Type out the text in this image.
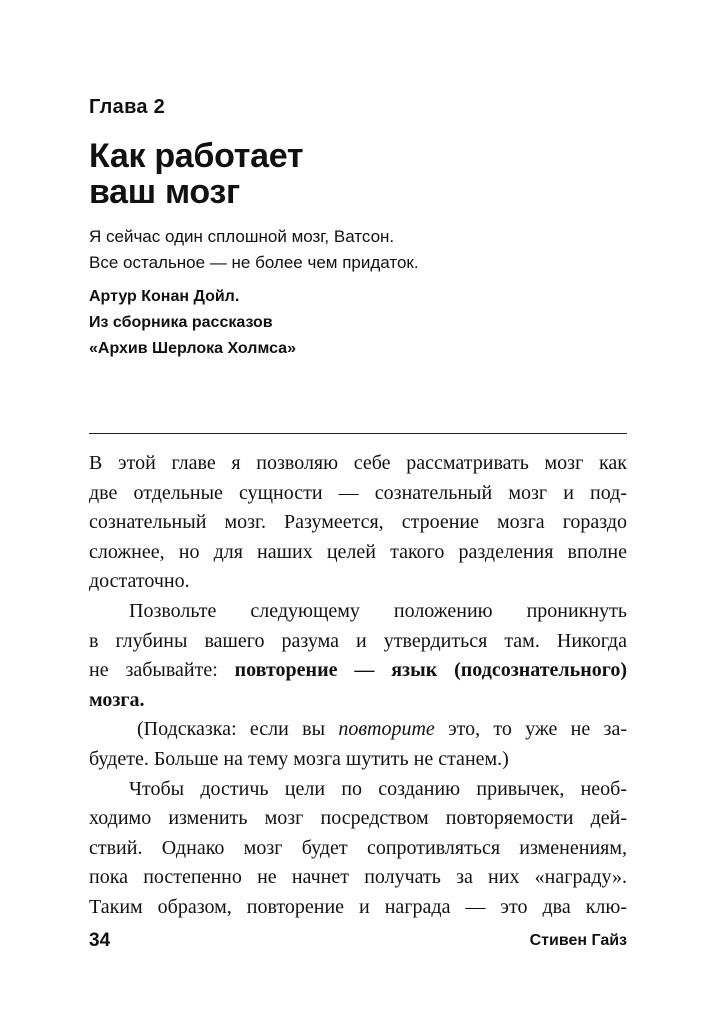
Глава 2
Как работает
ваш мозг
Я сейчас один сплошной мозг, Ватсон.
Все остальное — не более чем придаток.
Артур Конан Дойл.
Из сборника рассказов
«Архив Шерлока Холмса»
В этой главе я позволяю себе рассматривать мозг как
две отдельные сущности — сознательный мозг и под-
сознательный мозг. Разумеется, строение мозга гораздо
сложнее, но для наших целей такого разделения вполне
достаточно.
Позвольте следующему положению проникнуть
в глубины вашего разума и утвердиться там. Никогда
не забывайте: повторение — язык (подсознательного)
мозга.
(Подсказка: если вы повторите это, то уже не за-
будете. Больше на тему мозга шутить не станем.)
Чтобы достичь цели по созданию привычек, необ-
ходимо изменить мозг посредством повторяемости дей-
ствий. Однако мозг будет сопротивляться изменениям,
пока постепенно не начнет получать за них «награду».
Таким образом, повторение и награда — это два клю-
34	Стивен Гайз
